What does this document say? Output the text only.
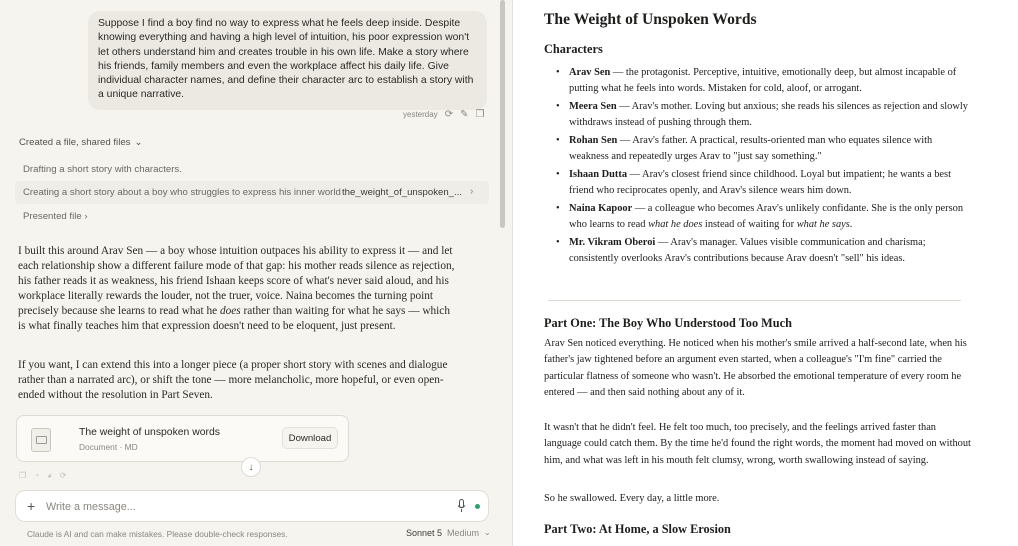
Suppose I find a boy find no way to express what he feels deep inside. Despite knowing everything and having a high level of intuition, his poor expression won't let others understand him and creates trouble in his own life. Make a story where his friends, family members and even the workplace affect his daily life. Give individual character names, and define their character arc to establish a story with a unique narrative.
yesterday ⟳ ✎ ❐
Created a file, shared files ⌄
Drafting a short story with characters.
Creating a short story about a boy who struggles to express his inner world the_weight_of_unspoken_... ›
Presented file ›
I built this around Arav Sen — a boy whose intuition outpaces his ability to express it — and let each relationship show a different failure mode of that gap: his mother reads silence as rejection, his father reads it as weakness, his friend Ishaan keeps score of what's never said aloud, and his workplace literally rewards the louder, not the truer, voice. Naina becomes the turning point precisely because she learns to read what he does rather than waiting for what he says — which is what finally teaches him that expression doesn't need to be eloquent, just present.
If you want, I can extend this into a longer piece (a proper short story with scenes and dialogue rather than a narrated arc), or shift the tone — more melancholic, more hopeful, or even open-ended without the resolution in Part Seven.
The weight of unspoken words
Document · MD
Download
❐ ◔ ◕ ⟳
↓
+
Write a message...
Claude is AI and can make mistakes. Please double-check responses.	Sonnet 5 Medium ⌄
The Weight of Unspoken Words
Characters
• Arav Sen — the protagonist. Perceptive, intuitive, emotionally deep, but almost incapable of putting what he feels into words. Mistaken for cold, aloof, or arrogant.
• Meera Sen — Arav's mother. Loving but anxious; she reads his silences as rejection and slowly withdraws instead of pushing through them.
• Rohan Sen — Arav's father. A practical, results-oriented man who equates silence with weakness and repeatedly urges Arav to "just say something."
• Ishaan Dutta — Arav's closest friend since childhood. Loyal but impatient; he wants a best friend who reciprocates openly, and Arav's silence wears him down.
• Naina Kapoor — a colleague who becomes Arav's unlikely confidante. She is the only person who learns to read what he does instead of waiting for what he says.
• Mr. Vikram Oberoi — Arav's manager. Values visible communication and charisma; consistently overlooks Arav's contributions because Arav doesn't "sell" his ideas.
Part One: The Boy Who Understood Too Much
Arav Sen noticed everything. He noticed when his mother's smile arrived a half-second late, when his father's jaw tightened before an argument even started, when a colleague's "I'm fine" carried the particular flatness of someone who wasn't. He absorbed the emotional temperature of every room he entered — and then said nothing about any of it.
It wasn't that he didn't feel. He felt too much, too precisely, and the feelings arrived faster than language could catch them. By the time he'd found the right words, the moment had moved on without him, and what was left in his mouth felt clumsy, wrong, worth swallowing instead of saying.
So he swallowed. Every day, a little more.
Part Two: At Home, a Slow Erosion
